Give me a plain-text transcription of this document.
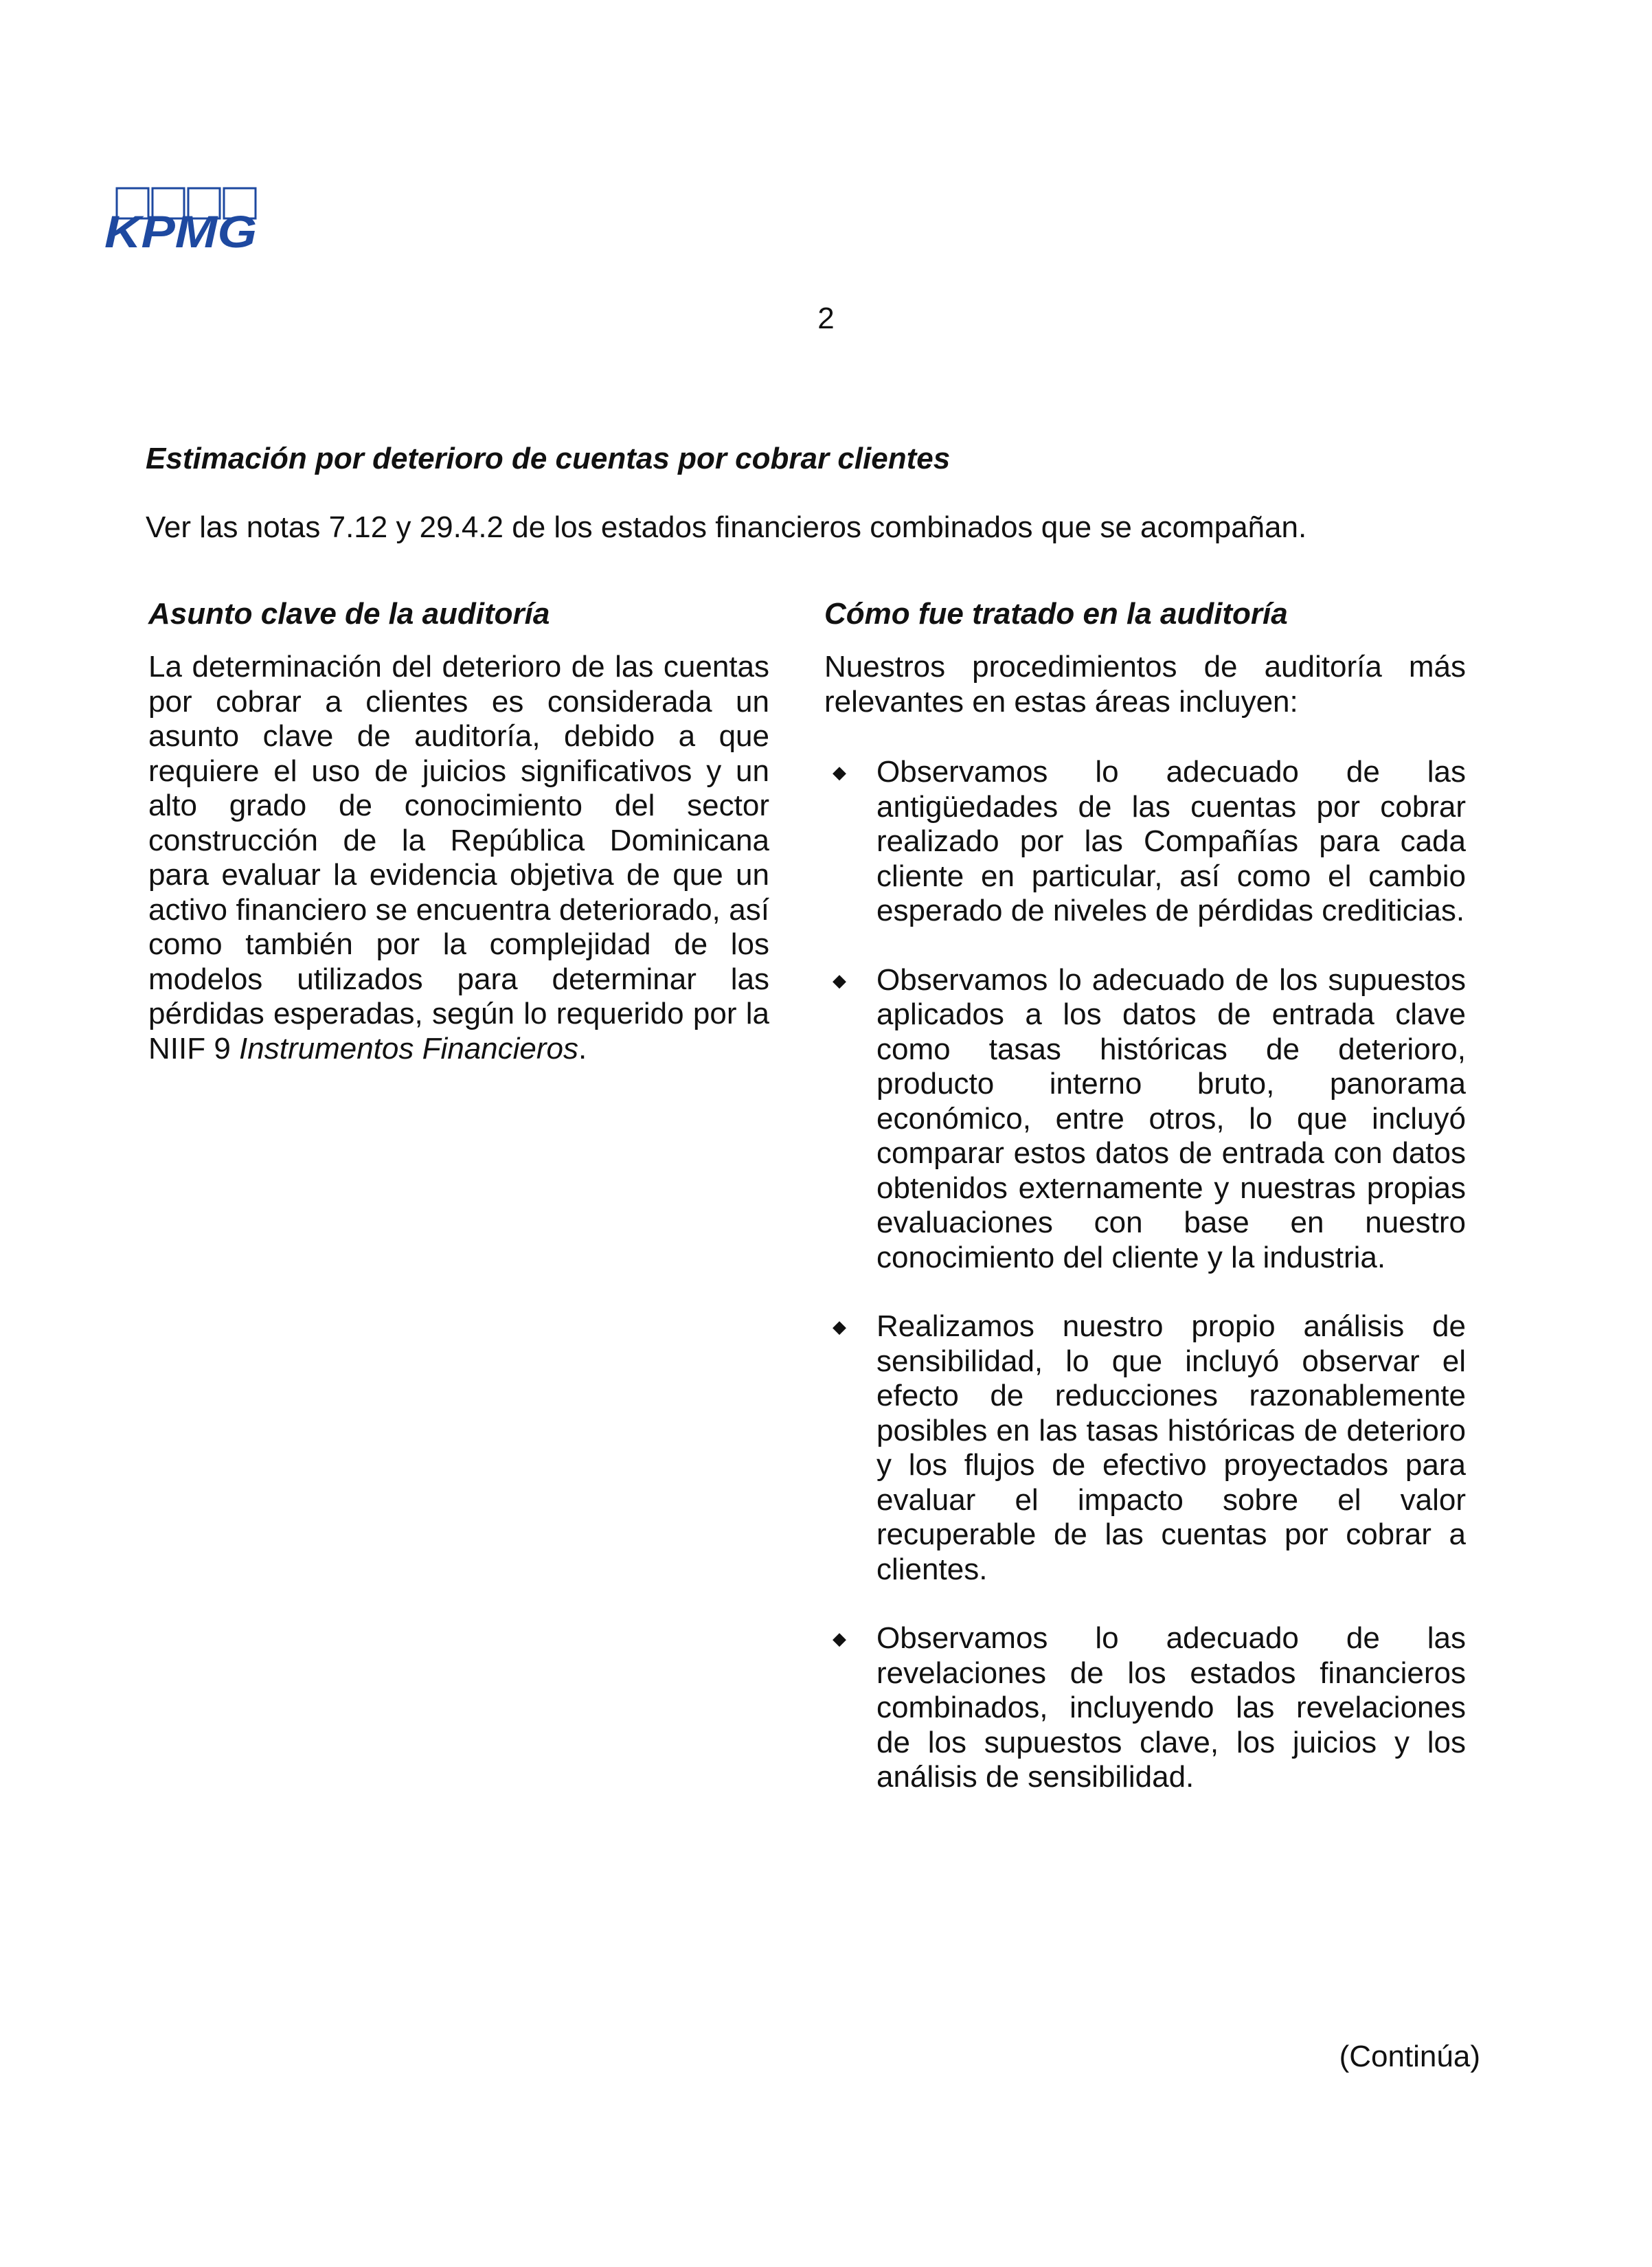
KPMG
2
Estimación por deterioro de cuentas por cobrar clientes
Ver las notas 7.12 y 29.4.2 de los estados financieros combinados que se acompañan.
Asunto clave de la auditoría	Cómo fue tratado en la auditoría
La determinación del deterioro de las cuentas por cobrar a clientes es considerada un asunto clave de auditoría, debido a que requiere el uso de juicios significativos y un alto grado de conocimiento del sector construcción de la República Dominicana para evaluar la evidencia objetiva de que un activo financiero se encuentra deteriorado, así como también por la complejidad de los modelos utilizados para determinar las pérdidas esperadas, según lo requerido por la NIIF 9 Instrumentos Financieros.
Nuestros procedimientos de auditoría más relevantes en estas áreas incluyen:
◆ Observamos lo adecuado de las antigüedades de las cuentas por cobrar realizado por las Compañías para cada cliente en particular, así como el cambio esperado de niveles de pérdidas crediticias.
◆ Observamos lo adecuado de los supuestos aplicados a los datos de entrada clave como tasas históricas de deterioro, producto interno bruto, panorama económico, entre otros, lo que incluyó comparar estos datos de entrada con datos obtenidos externamente y nuestras propias evaluaciones con base en nuestro conocimiento del cliente y la industria.
◆ Realizamos nuestro propio análisis de sensibilidad, lo que incluyó observar el efecto de reducciones razonablemente posibles en las tasas históricas de deterioro y los flujos de efectivo proyectados para evaluar el impacto sobre el valor recuperable de las cuentas por cobrar a clientes.
◆ Observamos lo adecuado de las revelaciones de los estados financieros combinados, incluyendo las revelaciones de los supuestos clave, los juicios y los análisis de sensibilidad.
(Continúa)
